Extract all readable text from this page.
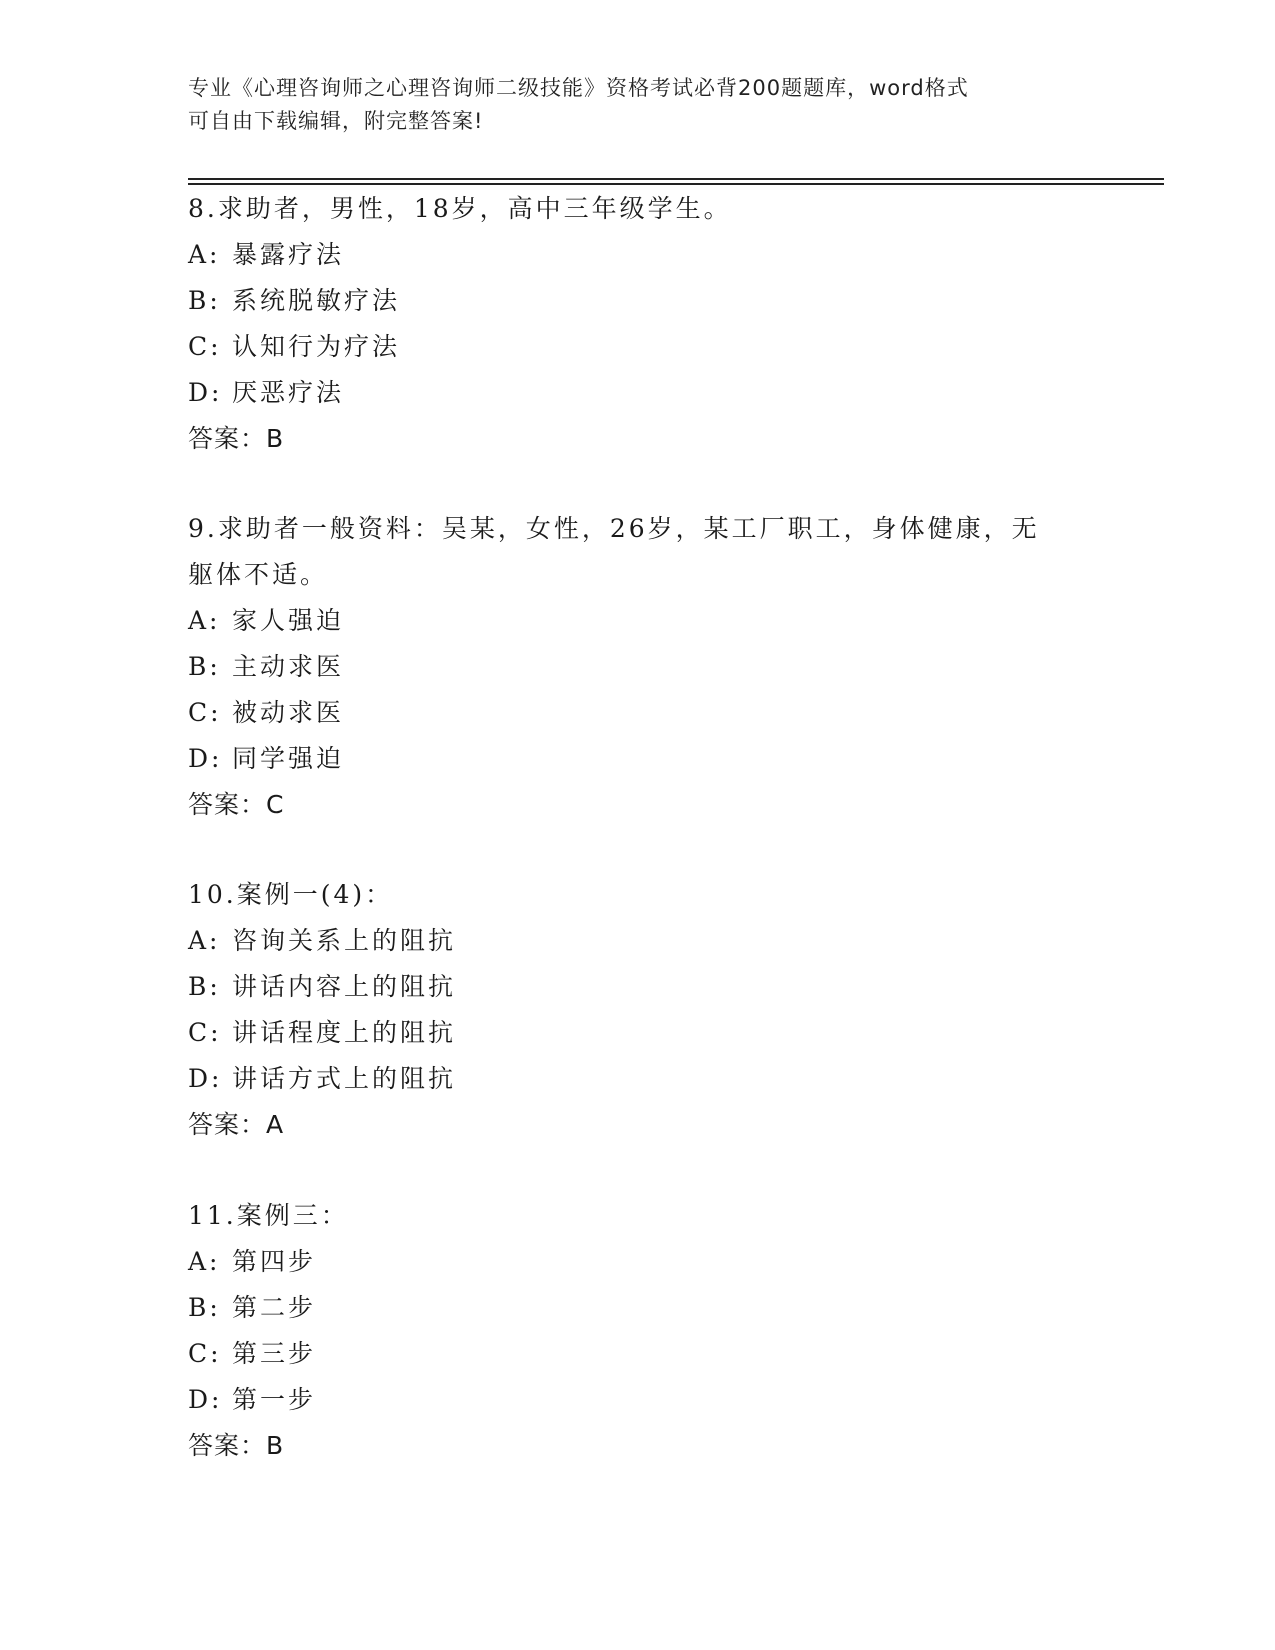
专业《心理咨询师之心理咨询师二级技能》资格考试必背200题题库，word格式
可自由下载编辑，附完整答案!
8.求助者，男性，18岁，高中三年级学生。
A: 暴露疗法
B: 系统脱敏疗法
C: 认知行为疗法
D: 厌恶疗法
答案：B
9.求助者一般资料：吴某，女性，26岁，某工厂职工，身体健康，无
躯体不适。
A: 家人强迫
B: 主动求医
C: 被动求医
D: 同学强迫
答案：C
10.案例一(4)：
A: 咨询关系上的阻抗
B: 讲话内容上的阻抗
C: 讲话程度上的阻抗
D: 讲话方式上的阻抗
答案：A
11.案例三：
A: 第四步
B: 第二步
C: 第三步
D: 第一步
答案：B
